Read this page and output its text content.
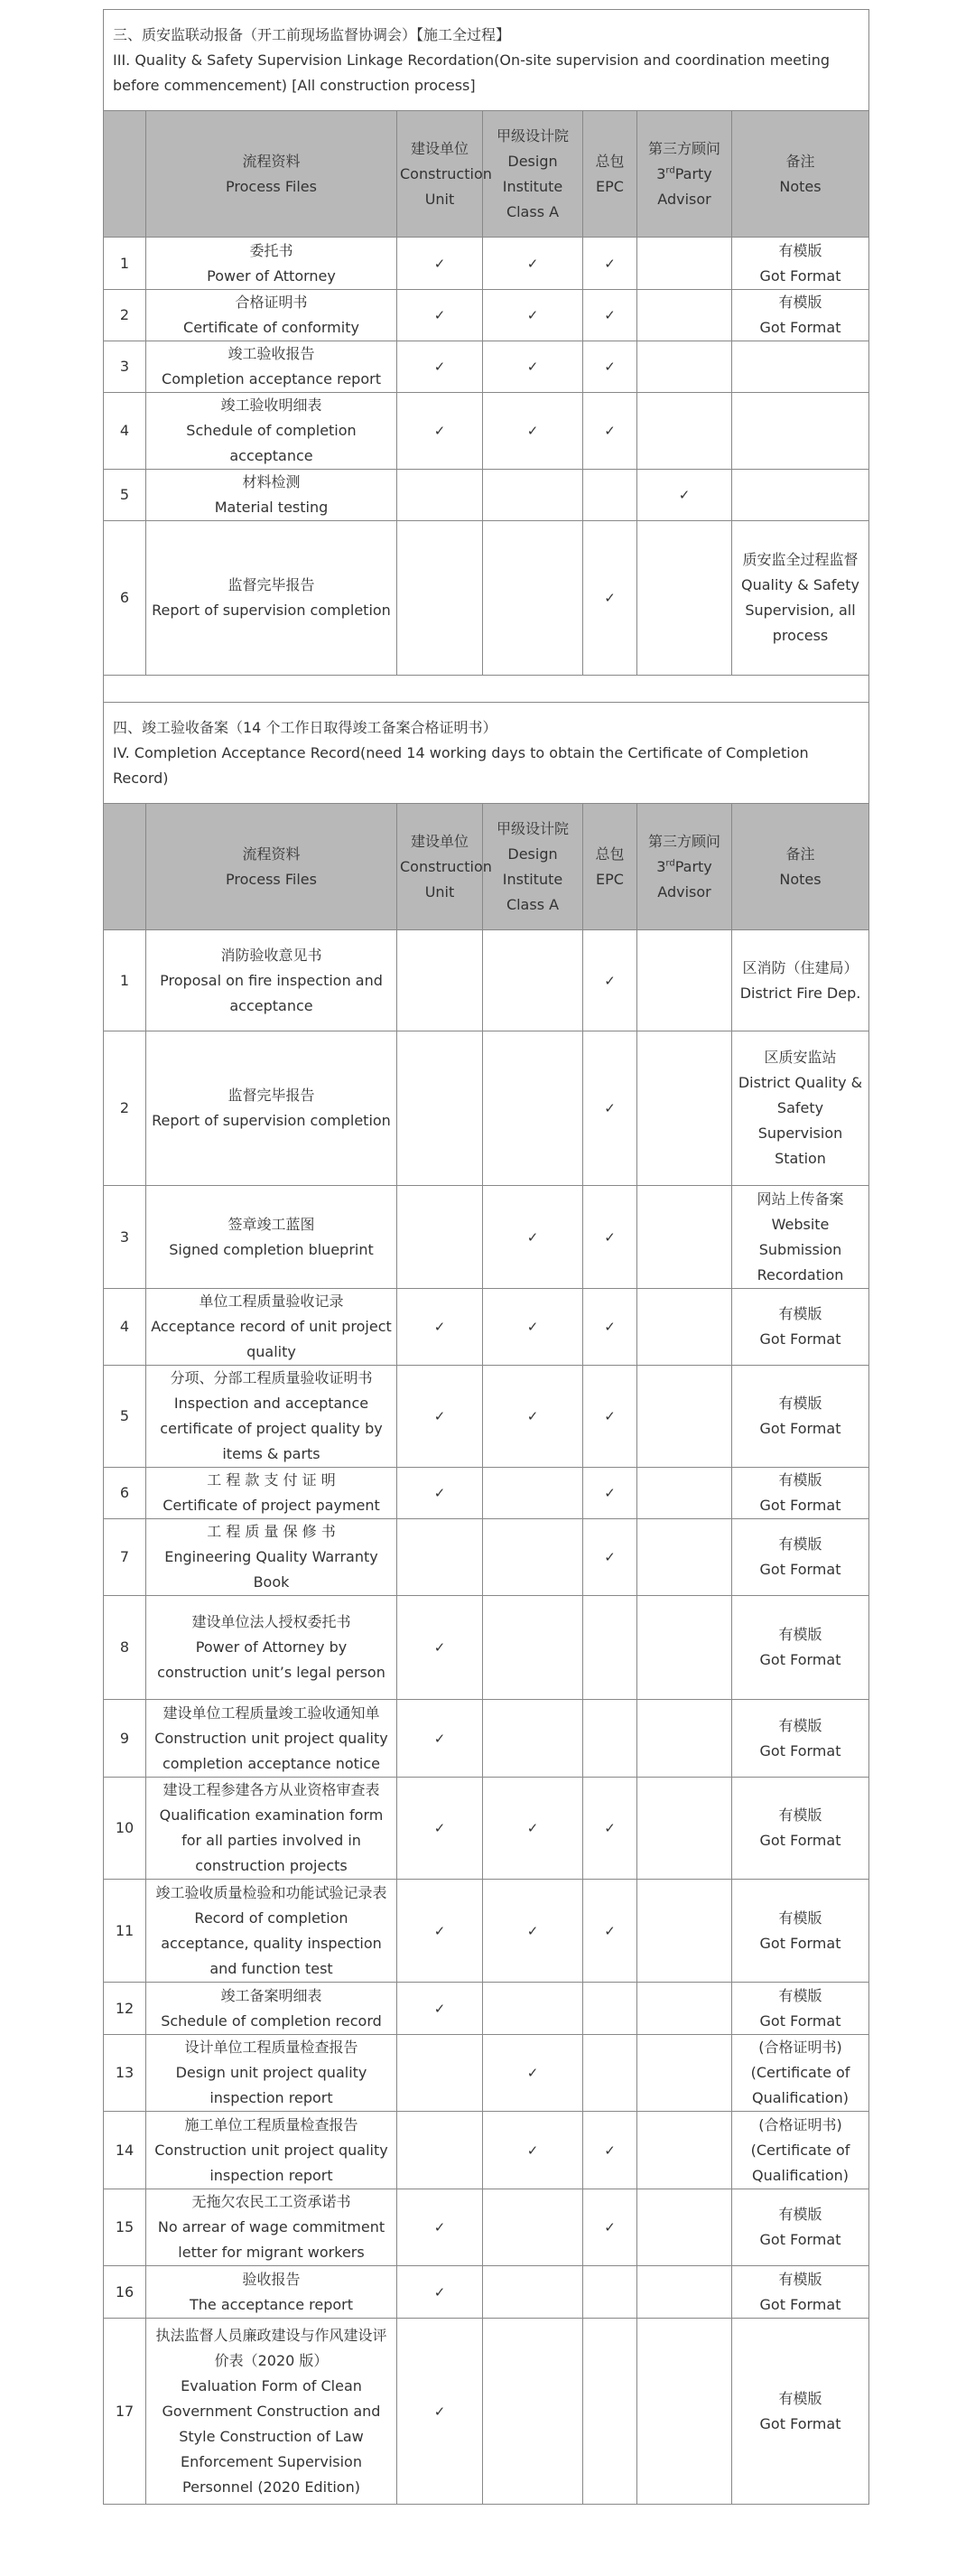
三、质安监联动报备（开工前现场监督协调会）【施工全过程】
III. Quality & Safety Supervision Linkage Recordation(On-site supervision and coordination meeting before commencement) [All construction process]						
	流程资料
Process Files	建设单位
Construction Unit	甲级设计院
Design Institute Class A	总包
EPC	第三方顾问
3rdParty Advisor	备注
Notes
1	委托书
Power of Attorney	✓	✓	✓		有模版
Got Format
2	合格证明书
Certificate of conformity	✓	✓	✓		有模版
Got Format
3	竣工验收报告
Completion acceptance report	✓	✓	✓		
4	竣工验收明细表
Schedule of completion acceptance	✓	✓	✓		
5	材料检测
Material testing				✓	
6	监督完毕报告
Report of supervision completion			✓		质安监全过程监督
Quality & Safety Supervision, all process

四、竣工验收备案（14 个工作日取得竣工备案合格证明书）
IV. Completion Acceptance Record(need 14 working days to obtain the Certificate of Completion Record)						
	流程资料
Process Files	建设单位
Construction Unit	甲级设计院
Design Institute Class A	总包
EPC	第三方顾问
3rdParty Advisor	备注
Notes
1	消防验收意见书
Proposal on fire inspection and acceptance			✓		区消防（住建局）
District Fire Dep.
2	监督完毕报告
Report of supervision completion			✓		区质安监站
District Quality & Safety Supervision Station
3	签章竣工蓝图
Signed completion blueprint		✓	✓		网站上传备案
Website Submission Recordation
4	单位工程质量验收记录
Acceptance record of unit project quality	✓	✓	✓		有模版
Got Format
5	分项、分部工程质量验收证明书
Inspection and acceptance certificate of project quality by items & parts	✓	✓	✓		有模版
Got Format
6	工 程 款 支 付 证 明
Certificate of project payment	✓		✓		有模版
Got Format
7	工 程 质 量 保 修 书
Engineering Quality Warranty Book			✓		有模版
Got Format
8	建设单位法人授权委托书
Power of Attorney by construction unit’s legal person	✓				有模版
Got Format
9	建设单位工程质量竣工验收通知单
Construction unit project quality completion acceptance notice	✓				有模版
Got Format
10	建设工程参建各方从业资格审查表
Qualification examination form for all parties involved in construction projects	✓	✓	✓		有模版
Got Format
11	竣工验收质量检验和功能试验记录表
Record of completion acceptance, quality inspection and function test	✓	✓	✓		有模版
Got Format
12	竣工备案明细表
Schedule of completion record	✓				有模版
Got Format
13	设计单位工程质量检查报告
Design unit project quality inspection report		✓			(合格证明书)
(Certificate of Qualification)
14	施工单位工程质量检查报告
Construction unit project quality inspection report		✓	✓		(合格证明书)
(Certificate of Qualification)
15	无拖欠农民工工资承诺书
No arrear of wage commitment letter for migrant workers	✓		✓		有模版
Got Format
16	验收报告
The acceptance report	✓				有模版
Got Format
17	执法监督人员廉政建设与作风建设评价表（2020 版）
Evaluation Form of Clean Government Construction and Style Construction of Law Enforcement Supervision Personnel (2020 Edition)	✓				有模版
Got Format
